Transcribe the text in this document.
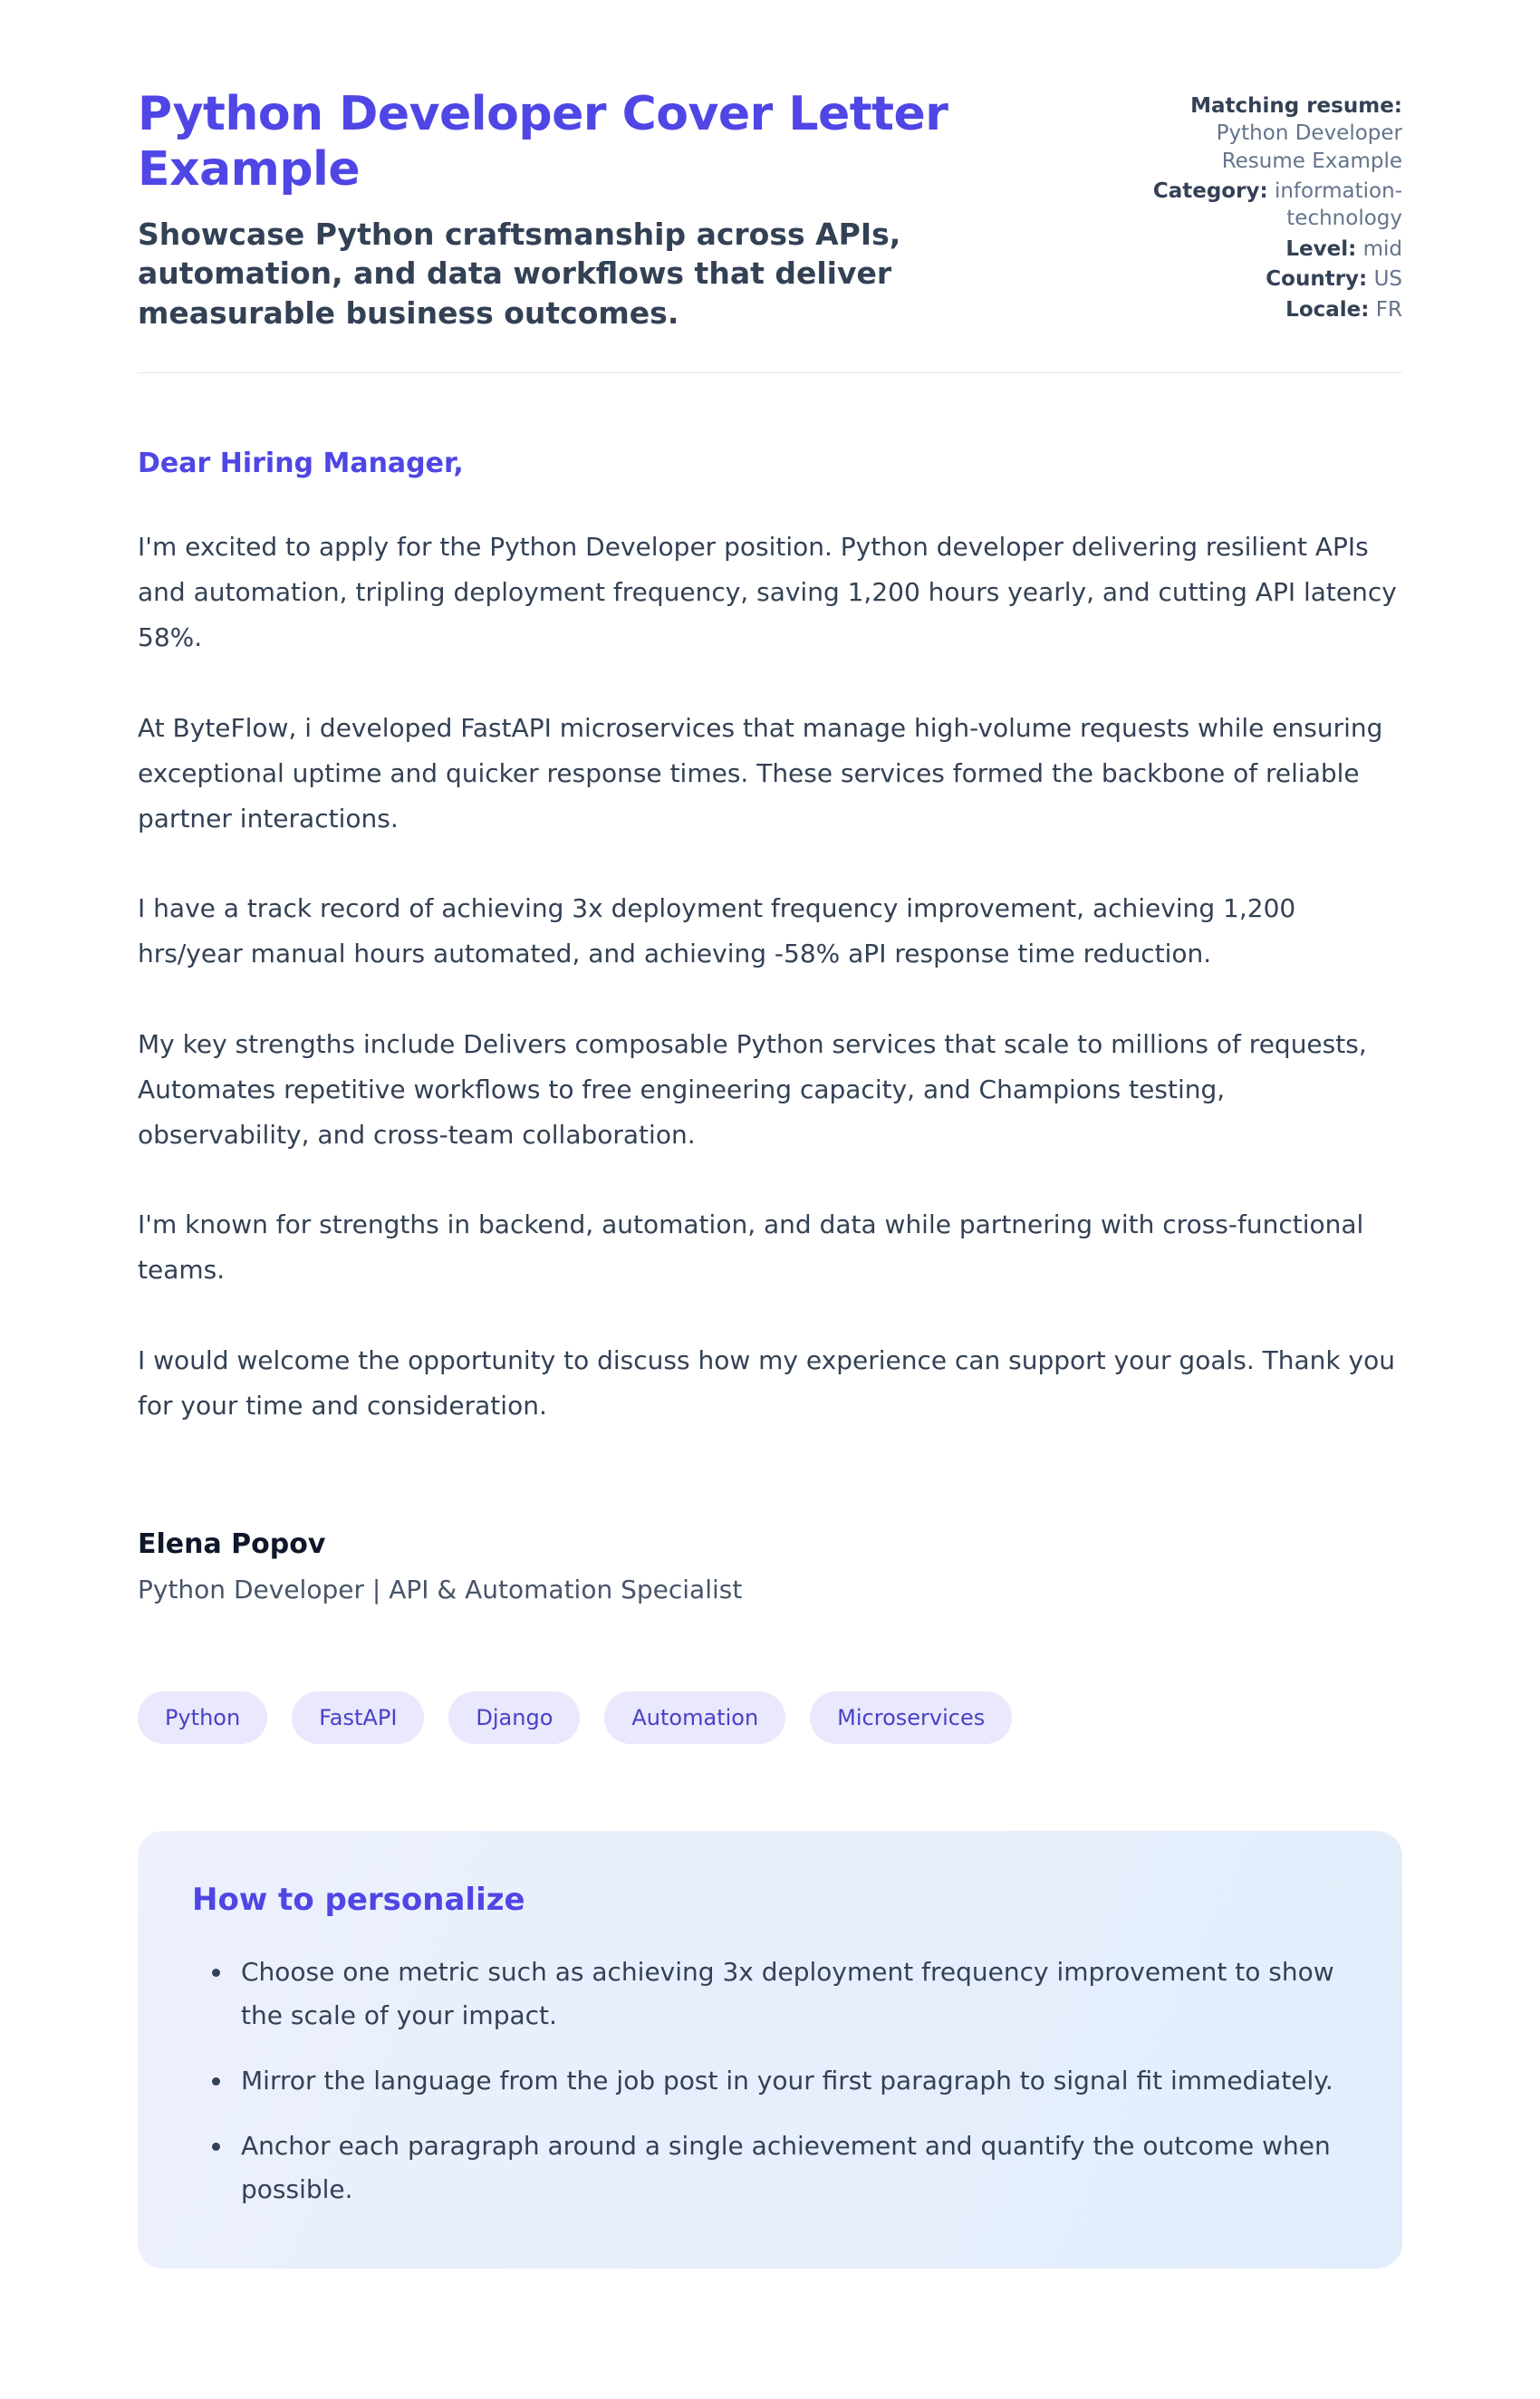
Python Developer Cover Letter Example

Showcase Python craftsmanship across APIs, automation, and data workflows that deliver measurable business outcomes.

Matching resume: Python Developer Resume Example
Category: information-technology
Level: mid
Country: US
Locale: FR

Dear Hiring Manager,

I'm excited to apply for the Python Developer position. Python developer delivering resilient APIs and automation, tripling deployment frequency, saving 1,200 hours yearly, and cutting API latency 58%.

At ByteFlow, i developed FastAPI microservices that manage high-volume requests while ensuring exceptional uptime and quicker response times. These services formed the backbone of reliable partner interactions.

I have a track record of achieving 3x deployment frequency improvement, achieving 1,200 hrs/year manual hours automated, and achieving -58% aPI response time reduction.

My key strengths include Delivers composable Python services that scale to millions of requests, Automates repetitive workflows to free engineering capacity, and Champions testing, observability, and cross-team collaboration.

I'm known for strengths in backend, automation, and data while partnering with cross-functional teams.

I would welcome the opportunity to discuss how my experience can support your goals. Thank you for your time and consideration.

Elena Popov

Python Developer | API & Automation Specialist

Python	FastAPI	Django	Automation	Microservices
How to personalize
• Choose one metric such as achieving 3x deployment frequency improvement to show the scale of your impact.
• Mirror the language from the job post in your first paragraph to signal fit immediately.
• Anchor each paragraph around a single achievement and quantify the outcome when possible.
